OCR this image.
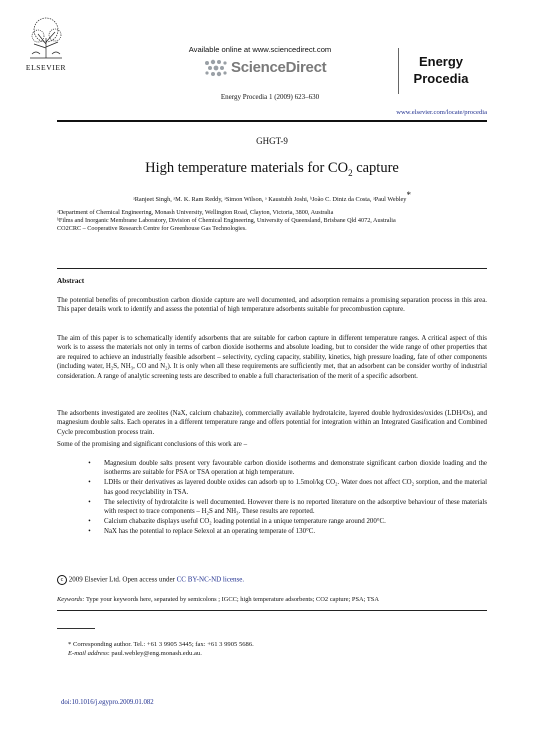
ELSEVIER
Available online at www.sciencedirect.com
ScienceDirect
Energy Procedia 1 (2009) 623–630
Energy
Procedia
www.elsevier.com/locate/procedia
GHGT-9
High temperature materials for $CO_2$ capture
ᵃRanjeet Singh, ᵃM. K. Ram Reddy, ᵃSimon Wilson, ᵃ Kaustubh Joshi, ᵇJoão C. Diniz da Costa, ᵃPaul Webley*
ᵃDepartment of Chemical Engineering, Monash University, Wellington Road, Clayton, Victoria, 3800, Australia
ᵇFilms and Inorganic Membrane Laboratory, Division of Chemical Engineering, University of Queensland, Brisbane Qld 4072, Australia
CO2CRC – Cooperative Research Centre for Greenhouse Gas Technologies.
Abstract
The potential benefits of precombustion carbon dioxide capture are well documented, and adsorption remains a promising separation process in this area. This paper details work to identify and assess the potential of high temperature adsorbents suitable for precombustion capture.
The aim of this paper is to schematically identify adsorbents that are suitable for carbon capture in different temperature ranges. A critical aspect of this work is to assess the materials not only in terms of carbon dioxide isotherms and absolute loading, but to consider the wide range of other properties that are required to achieve an industrially feasible adsorbent – selectivity, cycling capacity, stability, kinetics, high pressure loading, fate of other components (including water, H₂S, NH₃, CO and N₂). It is only when all these requirements are sufficiently met, that an adsorbent can be consider worthy of industrial consideration. A range of analytic screening tests are described to enable a full characterisation of the merit of a specific adsorbent.
The adsorbents investigated are zeolites (NaX, calcium chabazite), commercially available hydrotalcite, layered double hydroxides/oxides (LDH/Os), and magnesium double salts. Each operates in a different temperature range and offers potential for integration within an Integrated Gasification and Combined Cycle precombustion process train.
Some of the promising and significant conclusions of this work are –
•	Magnesium double salts present very favourable carbon dioxide isotherms and demonstrate significant carbon dioxide loading and the isotherms are suitable for PSA or TSA operation at high temperature.
•	LDHs or their derivatives as layered double oxides can adsorb up to 1.5mol/kg CO₂. Water does not affect CO₂ sorption, and the material has good recyclability in TSA.
•	The selectivity of hydrotalcite is well documented. However there is no reported literature on the adsorptive behaviour of these materials with respect to trace components – H₂S and NH₃. These results are reported.
•	Calcium chabazite displays useful CO₂ loading potential in a unique temperature range around 200°C.
•	NaX has the potential to replace Selexol at an operating temperate of 130°C.
c 2009 Elsevier Ltd. Open access under CC BY-NC-ND license.
Keywords: Type your keywords here, separated by semicolons ; IGCC; high temperature adsorbents; CO2 capture; PSA; TSA
* Corresponding author. Tel.: +61 3 9905 3445; fax: +61 3 9905 5686.
E-mail address: paul.webley@eng.monash.edu.au.
doi:10.1016/j.egypro.2009.01.082
